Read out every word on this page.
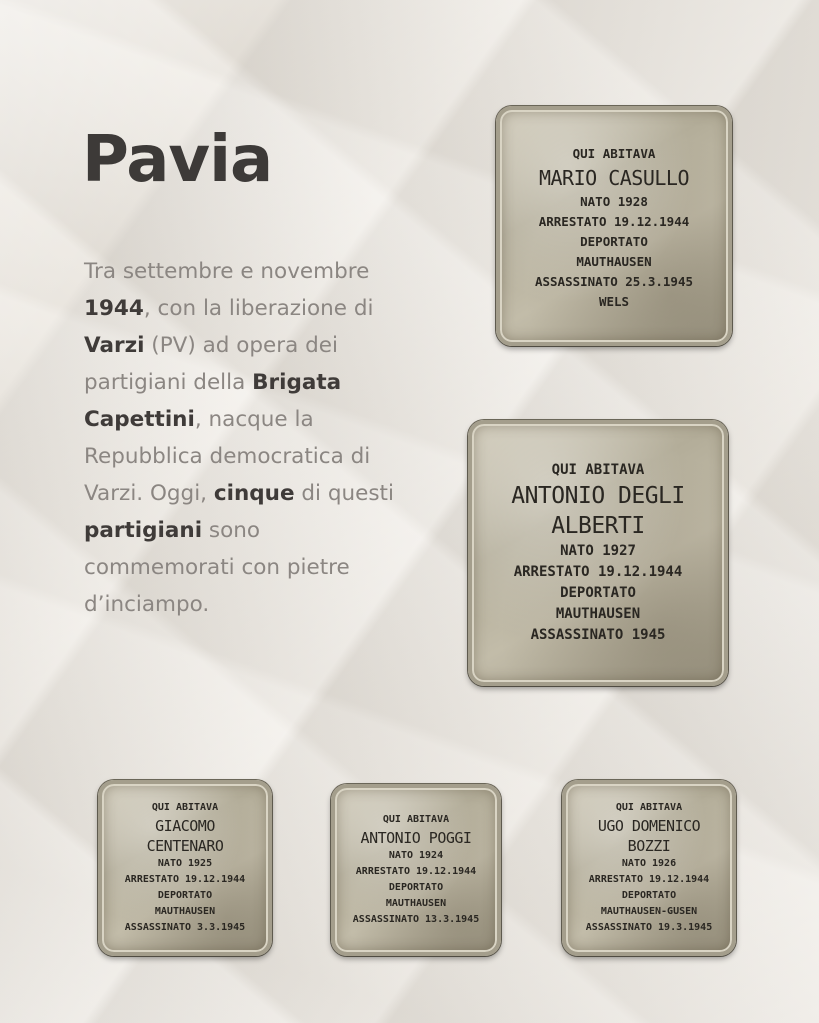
Pavia

Tra settembre e novembre 1944, con la liberazione di Varzi (PV) ad opera dei partigiani della Brigata Capettini, nacque la Repubblica democratica di Varzi. Oggi, cinque di questi partigiani sono commemorati con pietre d’inciampo.

QUI ABITAVA
MARIO CASULLO
NATO 1928
ARRESTATO 19.12.1944
DEPORTATO
MAUTHAUSEN
ASSASSINATO 25.3.1945
WELS
QUI ABITAVA
ANTONIO DEGLI
ALBERTI
NATO 1927
ARRESTATO 19.12.1944
DEPORTATO
MAUTHAUSEN
ASSASSINATO 1945
QUI ABITAVA
GIACOMO
CENTENARO
NATO 1925
ARRESTATO 19.12.1944
DEPORTATO
MAUTHAUSEN
ASSASSINATO 3.3.1945
QUI ABITAVA
ANTONIO POGGI
NATO 1924
ARRESTATO 19.12.1944
DEPORTATO
MAUTHAUSEN
ASSASSINATO 13.3.1945
QUI ABITAVA
UGO DOMENICO
BOZZI
NATO 1926
ARRESTATO 19.12.1944
DEPORTATO
MAUTHAUSEN-GUSEN
ASSASSINATO 19.3.1945
